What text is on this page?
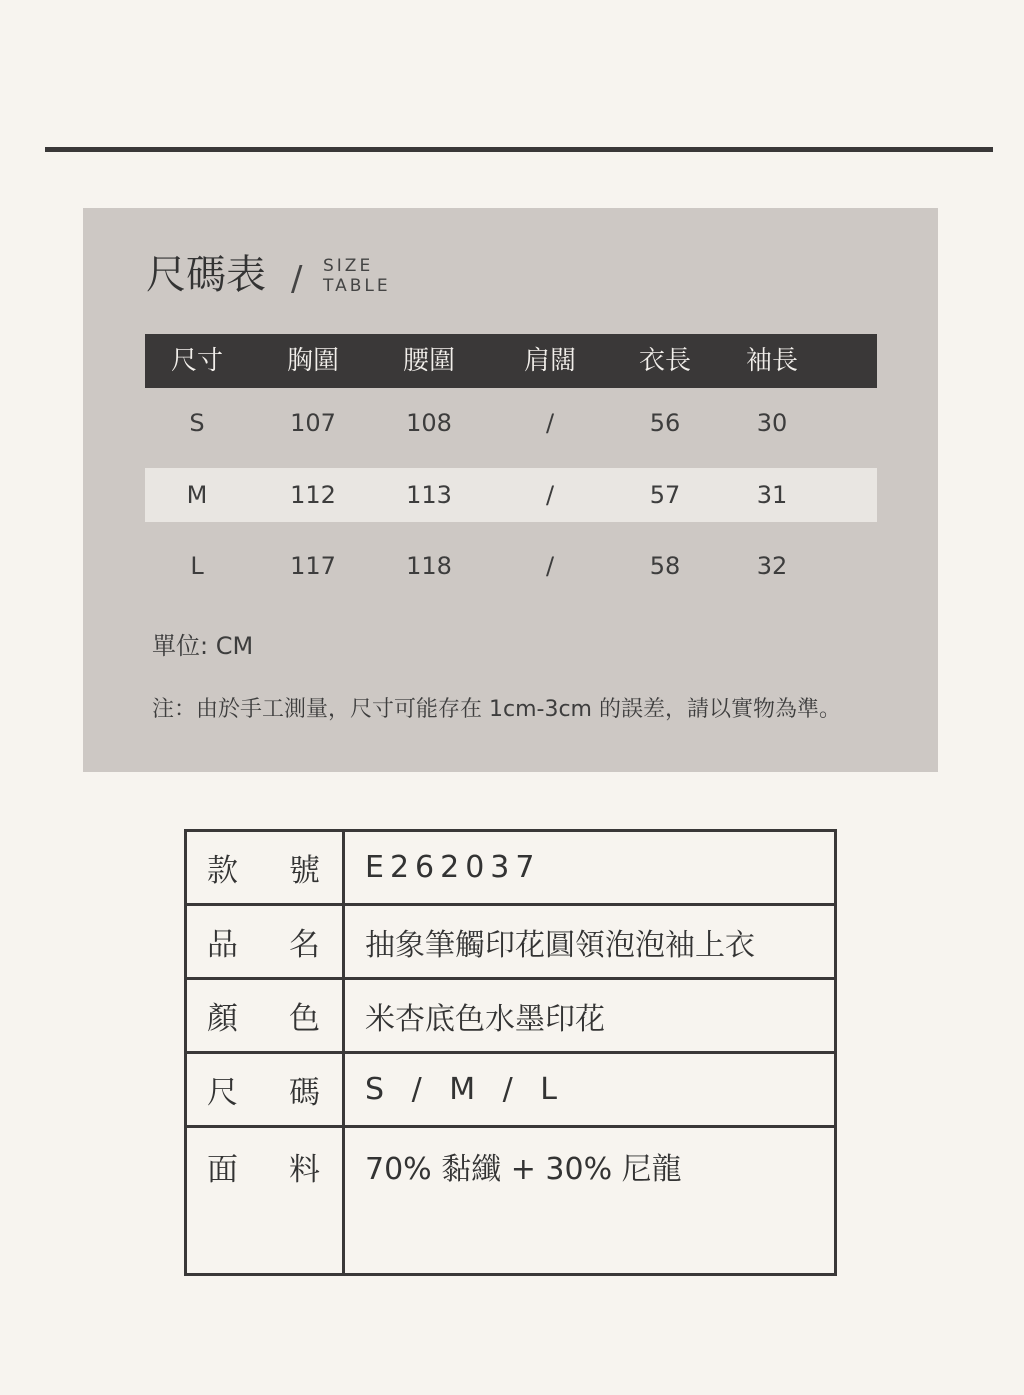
尺碼表 / SIZE
TABLE
尺寸 胸圍 腰圍	肩闊 衣長 袖長
S	107	108	/	56	30
M	112	113	/	57	31
L	117	118	/	58	32
單位: CM
注：由於手工測量，尺寸可能存在 1cm-3cm 的誤差，請以實物為準。
款 號	E262037
品 名	抽象筆觸印花圓領泡泡袖上衣
顏 色	米杏底色水墨印花
尺 碼	S / M / L
面 料	70% 黏纖 + 30% 尼龍
